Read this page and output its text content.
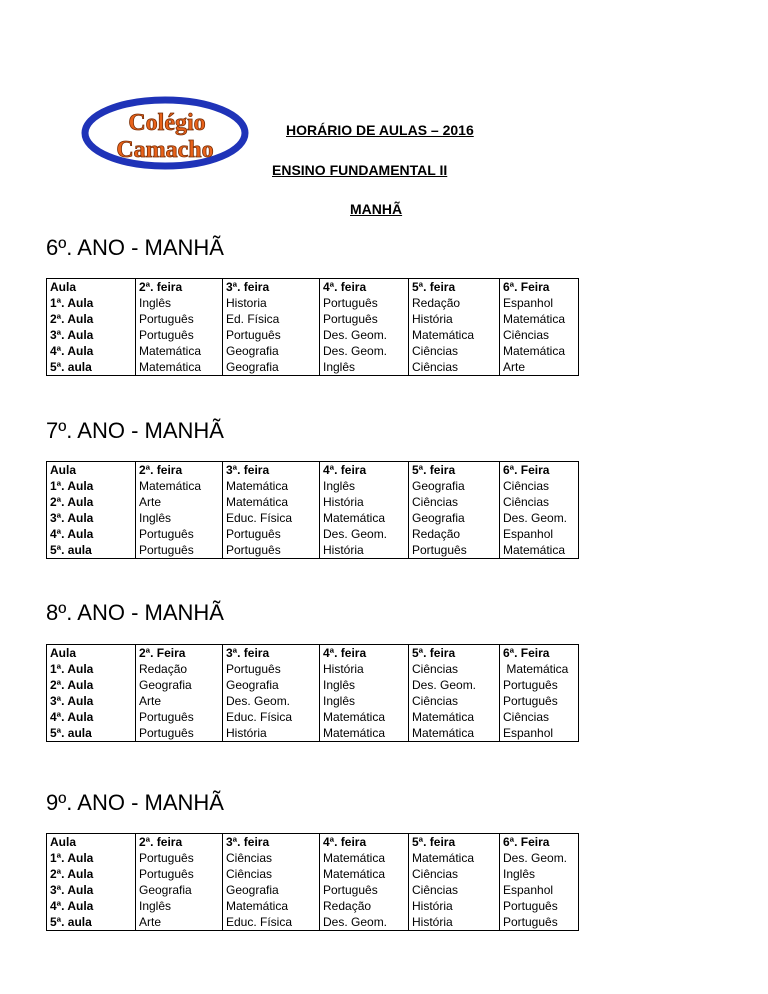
Colégio
Camacho
HORÁRIO DE AULAS – 2016
ENSINO FUNDAMENTAL II
MANHÃ
6º. ANO - MANHÃ
Aula	2ª. feira	3ª. feira	4ª. feira	5ª. feira	6ª. Feira
1ª. Aula	Inglês	Historia	Português	Redação	Espanhol
2ª. Aula	Português	Ed. Física	Português	História	Matemática
3ª. Aula	Português	Português	Des. Geom.	Matemática	Ciências
4ª. Aula	Matemática	Geografia	Des. Geom.	Ciências	Matemática
5ª. aula	Matemática	Geografia	Inglês	Ciências	Arte
7º. ANO - MANHÃ
Aula	2ª. feira	3ª. feira	4ª. feira	5ª. feira	6ª. Feira
1ª. Aula	Matemática	Matemática	Inglês	Geografia	Ciências
2ª. Aula	Arte	Matemática	História	Ciências	Ciências
3ª. Aula	Inglês	Educ. Física	Matemática	Geografia	Des. Geom.
4ª. Aula	Português	Português	Des. Geom.	Redação	Espanhol
5ª. aula	Português	Português	História	Português	Matemática
8º. ANO - MANHÃ
Aula	2ª. Feira	3ª. feira	4ª. feira	5ª. feira	6ª. Feira
1ª. Aula	Redação	Português	História	Ciências	Matemática
2ª. Aula	Geografia	Geografia	Inglês	Des. Geom.	Português
3ª. Aula	Arte	Des. Geom.	Inglês	Ciências	Português
4ª. Aula	Português	Educ. Física	Matemática	Matemática	Ciências
5ª. aula	Português	História	Matemática	Matemática	Espanhol
9º. ANO - MANHÃ
Aula	2ª. feira	3ª. feira	4ª. feira	5ª. feira	6ª. Feira
1ª. Aula	Português	Ciências	Matemática	Matemática	Des. Geom.
2ª. Aula	Português	Ciências	Matemática	Ciências	Inglês
3ª. Aula	Geografia	Geografia	Português	Ciências	Espanhol
4ª. Aula	Inglês	Matemática	Redação	História	Português
5ª. aula	Arte	Educ. Física	Des. Geom.	História	Português
